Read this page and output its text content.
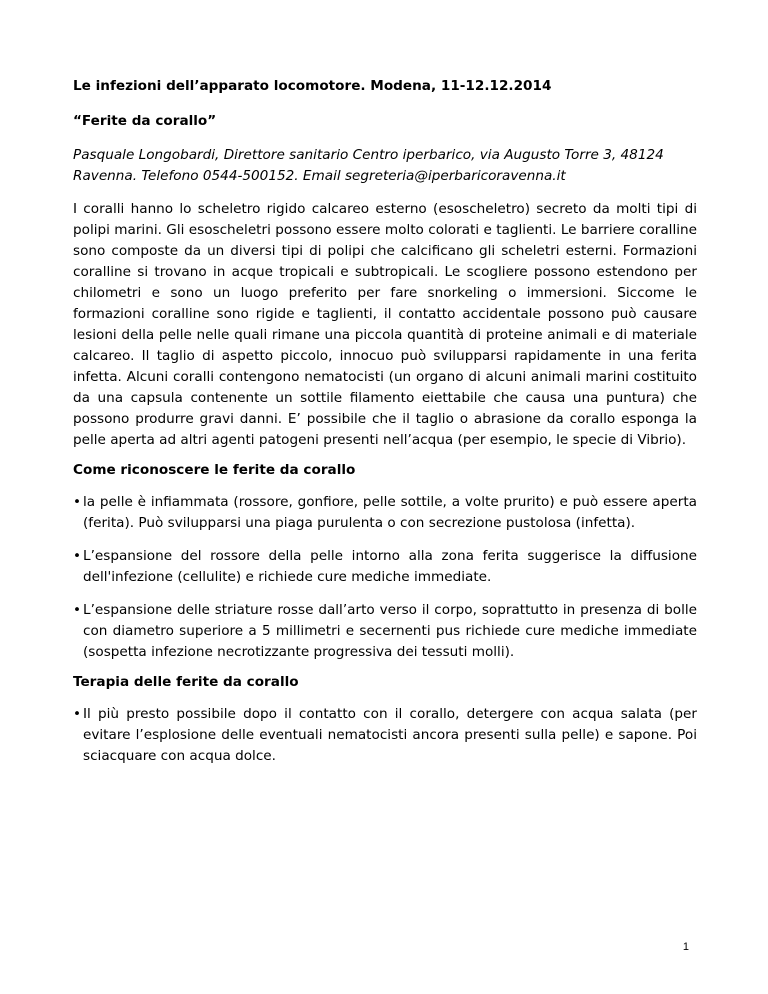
Le infezioni dell’apparato locomotore. Modena, 11-12.12.2014

“Ferite da corallo”

Pasquale Longobardi, Direttore sanitario Centro iperbarico, via Augusto Torre 3, 48124 Ravenna. Telefono 0544-500152. Email segreteria@iperbaricoravenna.it

I coralli hanno lo scheletro rigido calcareo esterno (esoscheletro) secreto da molti tipi di polipi marini. Gli esoscheletri possono essere molto colorati e taglienti. Le barriere coralline sono composte da un diversi tipi di polipi che calcificano gli scheletri esterni. Formazioni coralline si trovano in acque tropicali e subtropicali. Le scogliere possono estendono per chilometri e sono un luogo preferito per fare snorkeling o immersioni. Siccome le formazioni coralline sono rigide e taglienti, il contatto accidentale possono può causare lesioni della pelle nelle quali rimane una piccola quantità di proteine animali e di materiale calcareo. Il taglio di aspetto piccolo, innocuo può svilupparsi rapidamente in una ferita infetta. Alcuni coralli contengono nematocisti (un organo di alcuni animali marini costituito da una capsula contenente un sottile filamento eiettabile che causa una puntura) che possono produrre gravi danni. E’ possibile che il taglio o abrasione da corallo esponga la pelle aperta ad altri agenti patogeni presenti nell’acqua (per esempio, le specie di Vibrio).

Come riconoscere le ferite da corallo

• la pelle è infiammata (rossore, gonfiore, pelle sottile, a volte prurito) e può essere aperta (ferita). Può svilupparsi una piaga purulenta o con secrezione pustolosa (infetta).
• L’espansione del rossore della pelle intorno alla zona ferita suggerisce la diffusione dell'infezione (cellulite) e richiede cure mediche immediate.
• L’espansione delle striature rosse dall’arto verso il corpo, soprattutto in presenza di bolle con diametro superiore a 5 millimetri e secernenti pus richiede cure mediche immediate (sospetta infezione necrotizzante progressiva dei tessuti molli).

Terapia delle ferite da corallo

• Il più presto possibile dopo il contatto con il corallo, detergere con acqua salata (per evitare l’esplosione delle eventuali nematocisti ancora presenti sulla pelle) e sapone. Poi sciacquare con acqua dolce.
1
